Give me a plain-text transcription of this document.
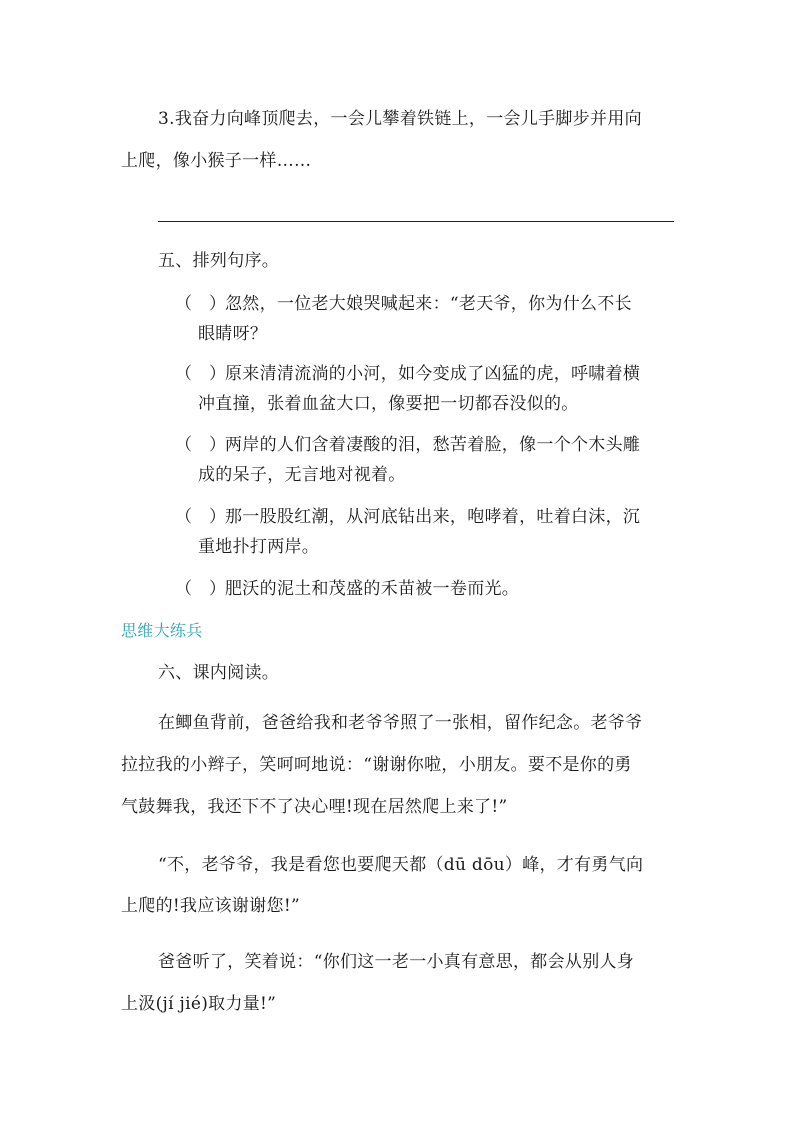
3.我奋力向峰顶爬去，一会儿攀着铁链上，一会儿手脚步并用向
上爬，像小猴子一样……
五、排列句序。
（　） 忽然，一位老大娘哭喊起来：“老天爷，你为什么不长
眼睛呀？
（　） 原来清清流淌的小河，如今变成了凶猛的虎，呼啸着横
冲直撞，张着血盆大口，像要把一切都吞没似的。
（　） 两岸的人们含着凄酸的泪，愁苦着脸，像一个个木头雕
成的呆子，无言地对视着。
（　） 那一股股红潮，从河底钻出来，咆哮着，吐着白沫，沉
重地扑打两岸。
（　） 肥沃的泥土和茂盛的禾苗被一卷而光。
思维大练兵
六、课内阅读。
在鲫鱼背前，爸爸给我和老爷爷照了一张相，留作纪念。老爷爷
拉拉我的小辫子，笑呵呵地说：“谢谢你啦，小朋友。要不是你的勇
气鼓舞我，我还下不了决心哩!现在居然爬上来了!”
“不，老爷爷，我是看您也要爬天都（dū dōu）峰，才有勇气向
上爬的!我应该谢谢您!”
爸爸听了，笑着说：“你们这一老一小真有意思，都会从别人身
上汲(jí jié)取力量!”
